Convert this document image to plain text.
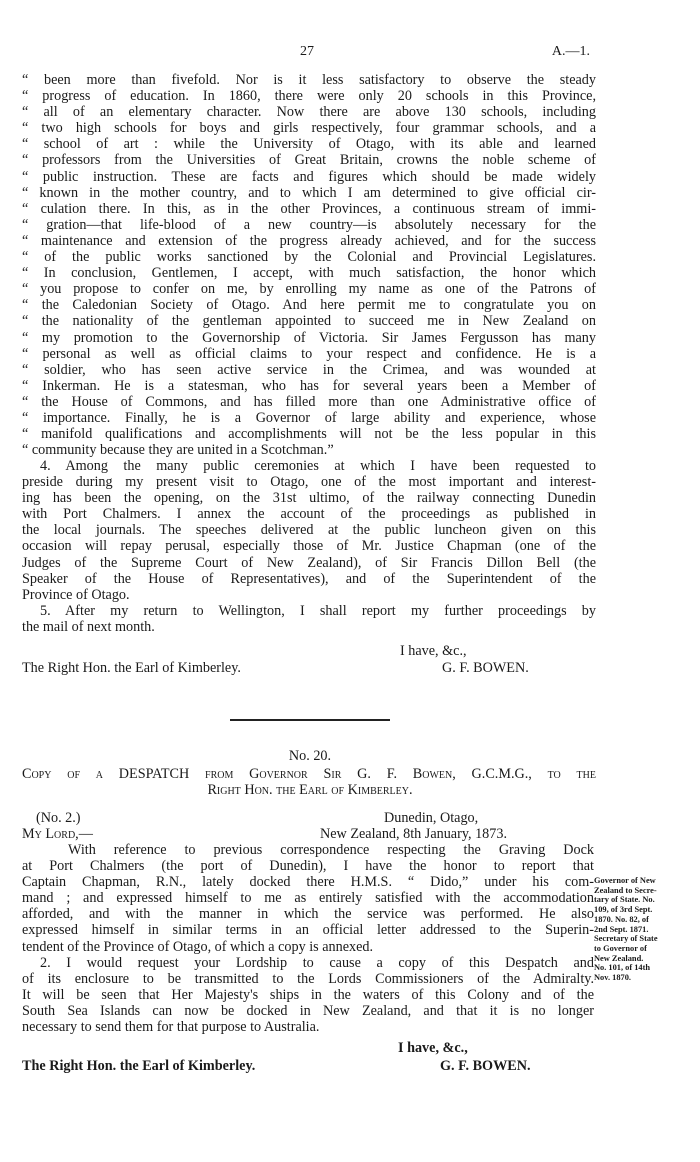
27	A.—1.
“ been more than fivefold. Nor is it less satisfactory to observe the steady
“ progress of education. In 1860, there were only 20 schools in this Province,
“ all of an elementary character. Now there are above 130 schools, including
“ two high schools for boys and girls respectively, four grammar schools, and a
“ school of art : while the University of Otago, with its able and learned
“ professors from the Universities of Great Britain, crowns the noble scheme of
“ public instruction. These are facts and figures which should be made widely
“ known in the mother country, and to which I am determined to give official cir-
“ culation there. In this, as in the other Provinces, a continuous stream of immi-
“ gration—that life-blood of a new country—is absolutely necessary for the
“ maintenance and extension of the progress already achieved, and for the success
“ of the public works sanctioned by the Colonial and Provincial Legislatures.
“ In conclusion, Gentlemen, I accept, with much satisfaction, the honor which
“ you propose to confer on me, by enrolling my name as one of the Patrons of
“ the Caledonian Society of Otago. And here permit me to congratulate you on
“ the nationality of the gentleman appointed to succeed me in New Zealand on
“ my promotion to the Governorship of Victoria. Sir James Fergusson has many
“ personal as well as official claims to your respect and confidence. He is a
“ soldier, who has seen active service in the Crimea, and was wounded at
“ Inkerman. He is a statesman, who has for several years been a Member of
“ the House of Commons, and has filled more than one Administrative office of
“ importance. Finally, he is a Governor of large ability and experience, whose
“ manifold qualifications and accomplishments will not be the less popular in this
“ community because they are united in a Scotchman.”
4. Among the many public ceremonies at which I have been requested to
preside during my present visit to Otago, one of the most important and interest-
ing has been the opening, on the 31st ultimo, of the railway connecting Dunedin
with Port Chalmers. I annex the account of the proceedings as published in
the local journals. The speeches delivered at the public luncheon given on this
occasion will repay perusal, especially those of Mr. Justice Chapman (one of the
Judges of the Supreme Court of New Zealand), of Sir Francis Dillon Bell (the
Speaker of the House of Representatives), and of the Superintendent of the
Province of Otago.
5. After my return to Wellington, I shall report my further proceedings by
the mail of next month.
I have, &c.,
The Right Hon. the Earl of Kimberley.	G. F. BOWEN.
No. 20.
Copy of a DESPATCH from Governor Sir G. F. Bowen, G.C.M.G., to the
Right Hon. the Earl of Kimberley.
(No. 2.)	Dunedin, Otago,
My Lord,—	New Zealand, 8th January, 1873.
With reference to previous correspondence respecting the Graving Dock
at Port Chalmers (the port of Dunedin), I have the honor to report that
Captain Chapman, R.N., lately docked there H.M.S. “ Dido,” under his com-
mand ; and expressed himself to me as entirely satisfied with the accommodation
afforded, and with the manner in which the service was performed. He also
expressed himself in similar terms in an official letter addressed to the Superin-
tendent of the Province of Otago, of which a copy is annexed.
2. I would request your Lordship to cause a copy of this Despatch and
of its enclosure to be transmitted to the Lords Commissioners of the Admiralty.
It will be seen that Her Majesty's ships in the waters of this Colony and of the
South Sea Islands can now be docked in New Zealand, and that it is no longer
necessary to send them for that purpose to Australia.
I have, &c.,
The Right Hon. the Earl of Kimberley.	G. F. BOWEN.
Governor of New
Zealand to Secre-
tary of State. No.
109, of 3rd Sept.
1870. No. 82, of
2nd Sept. 1871.
Secretary of State
to Governor of
New Zealand.
No. 101, of 14th
Nov. 1870.
